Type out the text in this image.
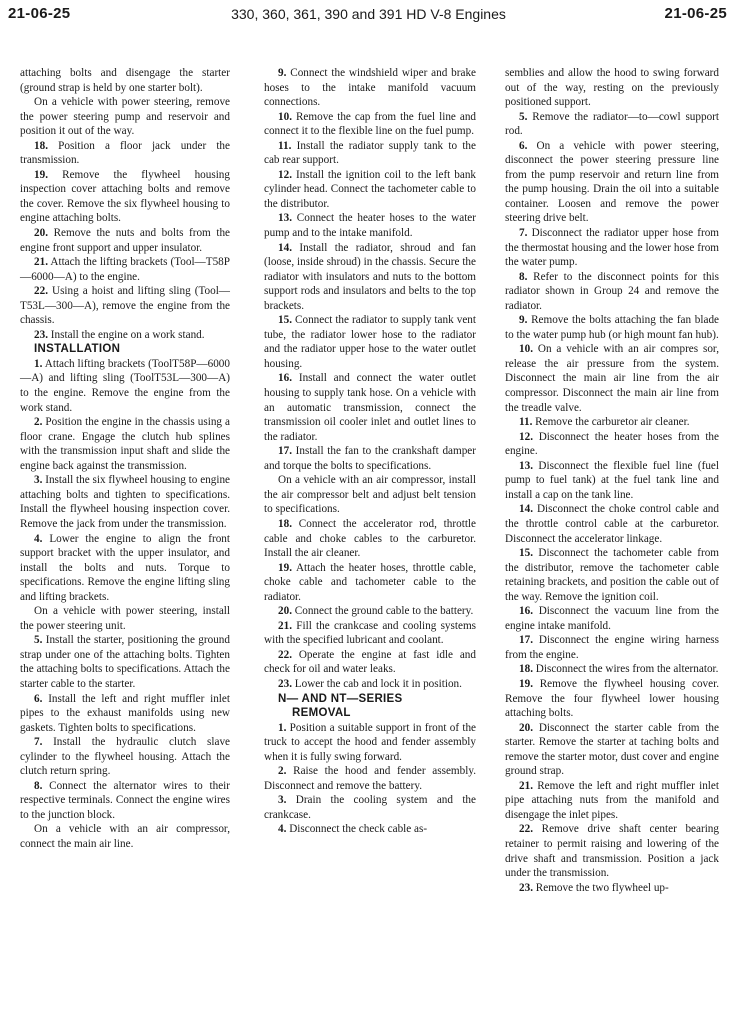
21-06-25	330, 360, 361, 390 and 391 HD V-8 Engines	21-06-25

attaching bolts and disengage the starter (ground strap is held by one starter bolt).

On a vehicle with power steering, remove the power steering pump and reservoir and position it out of the way.

18. Position a floor jack under the transmission.

19. Remove the flywheel housing inspection cover attaching bolts and remove the cover. Remove the six flywheel housing to engine attaching bolts.

20. Remove the nuts and bolts from the engine front support and upper insulator.

21. Attach the lifting brackets (Tool—T58P—6000—A) to the engine.

22. Using a hoist and lifting sling (Tool—T53L—300—A), remove the engine from the chassis.

23. Install the engine on a work stand.

INSTALLATION

1. Attach lifting brackets (ToolT58P—6000—A) and lifting sling (ToolT53L—300—A) to the engine. Remove the engine from the work stand.

2. Position the engine in the chassis using a floor crane. Engage the clutch hub splines with the transmission input shaft and slide the engine back against the transmission.

3. Install the six flywheel housing to engine attaching bolts and tighten to specifications. Install the flywheel housing inspection cover. Remove the jack from under the transmission.

4. Lower the engine to align the front support bracket with the upper insulator, and install the bolts and nuts. Torque to specifications. Remove the engine lifting sling and lifting brackets.

On a vehicle with power steering, install the power steering unit.

5. Install the starter, positioning the ground strap under one of the attaching bolts. Tighten the attaching bolts to specifications. Attach the starter cable to the starter.

6. Install the left and right muffler inlet pipes to the exhaust manifolds using new gaskets. Tighten bolts to specifications.

7. Install the hydraulic clutch slave cylinder to the flywheel housing. Attach the clutch return spring.

8. Connect the alternator wires to their respective terminals. Connect the engine wires to the junction block.

On a vehicle with an air compressor, connect the main air line.

9. Connect the windshield wiper and brake hoses to the intake manifold vacuum connections.

10. Remove the cap from the fuel line and connect it to the flexible line on the fuel pump.

11. Install the radiator supply tank to the cab rear support.

12. Install the ignition coil to the left bank cylinder head. Connect the tachometer cable to the distributor.

13. Connect the heater hoses to the water pump and to the intake manifold.

14. Install the radiator, shroud and fan (loose, inside shroud) in the chassis. Secure the radiator with insulators and nuts to the bottom support rods and insulators and belts to the top brackets.

15. Connect the radiator to supply tank vent tube, the radiator lower hose to the radiator and the radiator upper hose to the water outlet housing.

16. Install and connect the water outlet housing to supply tank hose. On a vehicle with an automatic transmission, connect the transmission oil cooler inlet and outlet lines to the radiator.

17. Install the fan to the crankshaft damper and torque the bolts to specifications.

On a vehicle with an air compressor, install the air compressor belt and adjust belt tension to specifications.

18. Connect the accelerator rod, throttle cable and choke cables to the carburetor. Install the air cleaner.

19. Attach the heater hoses, throttle cable, choke cable and tachometer cable to the radiator.

20. Connect the ground cable to the battery.

21. Fill the crankcase and cooling systems with the specified lubricant and coolant.

22. Operate the engine at fast idle and check for oil and water leaks.

23. Lower the cab and lock it in position.

N— AND NT—SERIES

REMOVAL

1. Position a suitable support in front of the truck to accept the hood and fender assembly when it is fully swing forward.

2. Raise the hood and fender assembly. Disconnect and remove the battery.

3. Drain the cooling system and the crankcase.

4. Disconnect the check cable as-

semblies and allow the hood to swing forward out of the way, resting on the previously positioned support.

5. Remove the radiator—to—cowl support rod.

6. On a vehicle with power steering, disconnect the power steering pressure line from the pump reservoir and return line from the pump housing. Drain the oil into a suitable container. Loosen and remove the power steering drive belt.

7. Disconnect the radiator upper hose from the thermostat housing and the lower hose from the water pump.

8. Refer to the disconnect points for this radiator shown in Group 24 and remove the radiator.

9. Remove the bolts attaching the fan blade to the water pump hub (or high mount fan hub).

10. On a vehicle with an air compres sor, release the air pressure from the system. Disconnect the main air line from the air compressor. Disconnect the main air line from the treadle valve.

11. Remove the carburetor air cleaner.

12. Disconnect the heater hoses from the engine.

13. Disconnect the flexible fuel line (fuel pump to fuel tank) at the fuel tank line and install a cap on the tank line.

14. Disconnect the choke control cable and the throttle control cable at the carburetor. Disconnect the accelerator linkage.

15. Disconnect the tachometer cable from the distributor, remove the tachometer cable retaining brackets, and position the cable out of the way. Remove the ignition coil.

16. Disconnect the vacuum line from the engine intake manifold.

17. Disconnect the engine wiring harness from the engine.

18. Disconnect the wires from the alternator.

19. Remove the flywheel housing cover. Remove the four flywheel lower housing attaching bolts.

20. Disconnect the starter cable from the starter. Remove the starter at taching bolts and remove the starter motor, dust cover and engine ground strap.

21. Remove the left and right muffler inlet pipe attaching nuts from the manifold and disengage the inlet pipes.

22. Remove drive shaft center bearing retainer to permit raising and lowering of the drive shaft and transmission. Position a jack under the transmission.

23. Remove the two flywheel up-
